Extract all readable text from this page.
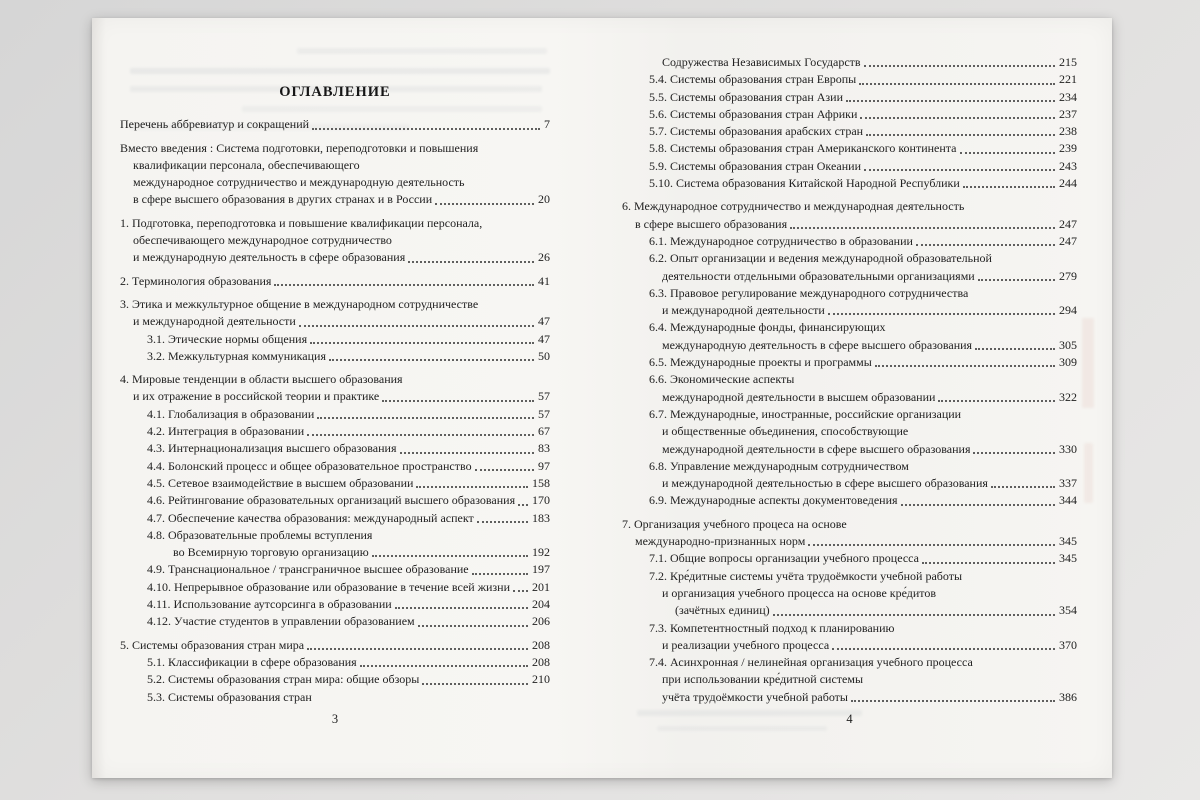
ОГЛАВЛЕНИЕ
Перечень аббревиатур и сокращений	7
Вместо введения : Система подготовки, переподготовки и повышения
квалификации персонала, обеспечивающего
международное сотрудничество и международную деятельность
в сфере высшего образования в других странах и в России	20
1. Подготовка, переподготовка и повышение квалификации персонала,
обеспечивающего международное сотрудничество
и международную деятельность в сфере образования	26
2. Терминология образования	41
3. Этика и межкультурное общение в международном сотрудничестве
и международной деятельности	47
3.1. Этические нормы общения	47
3.2. Межкультурная коммуникация	50
4. Мировые тенденции в области высшего образования
и их отражение в российской теории и практике	57
4.1. Глобализация в образовании	57
4.2. Интеграция в образовании	67
4.3. Интернационализация высшего образования	83
4.4. Болонский процесс и общее образовательное пространство	97
4.5. Сетевое взаимодействие в высшем образовании	158
4.6. Рейтингование образовательных организаций высшего образования 170
4.7. Обеспечение качества образования: международный аспект	183
4.8. Образовательные проблемы вступления
во Всемирную торговую организацию	192
4.9. Транснациональное / трансграничное высшее образование	197
4.10. Непрерывное образование или образование в течение всей жизни 201
4.11. Использование аутсорсинга в образовании	204
4.12. Участие студентов в управлении образованием	206
5. Системы образования стран мира	208
5.1. Классификации в сфере образования	208
5.2. Системы образования стран мира: общие обзоры	210
5.3. Системы образования стран
3
Содружества Независимых Государств	215
5.4. Системы образования стран Европы	221
5.5. Системы образования стран Азии	234
5.6. Системы образования стран Африки	237
5.7. Системы образования арабских стран	238
5.8. Системы образования стран Американского континента	239
5.9. Системы образования стран Океании	243
5.10. Система образования Китайской Народной Республики	244
6. Международное сотрудничество и международная деятельность
в сфере высшего образования	247
6.1. Международное сотрудничество в образовании	247
6.2. Опыт организации и ведения международной образовательной
деятельности отдельными образовательными организациями	279
6.3. Правовое регулирование международного сотрудничества
и международной деятельности	294
6.4. Международные фонды, финансирующих
международную деятельность в сфере высшего образования	305
6.5. Международные проекты и программы	309
6.6. Экономические аспекты
международной деятельности в высшем образовании	322
6.7. Международные, иностранные, российские организации
и общественные объединения, способствующие
международной деятельности в сфере высшего образования	330
6.8. Управление международным сотрудничеством
и международной деятельностью в сфере высшего образования	337
6.9. Международные аспекты документоведения	344
7. Организация учебного процеса на основе
международно-признанных норм	345
7.1. Общие вопросы организации учебного процесса	345
7.2. Кре́дитные системы учёта трудоёмкости учебной работы
и организация учебного процесса на основе кре́дитов
(зачётных единиц)	354
7.3. Компетентностный подход к планированию
и реализации учебного процесса	370
7.4. Асинхронная / нелинейная организация учебного процесса
при использовании кре́дитной системы
учёта трудоёмкости учебной работы	386
4
